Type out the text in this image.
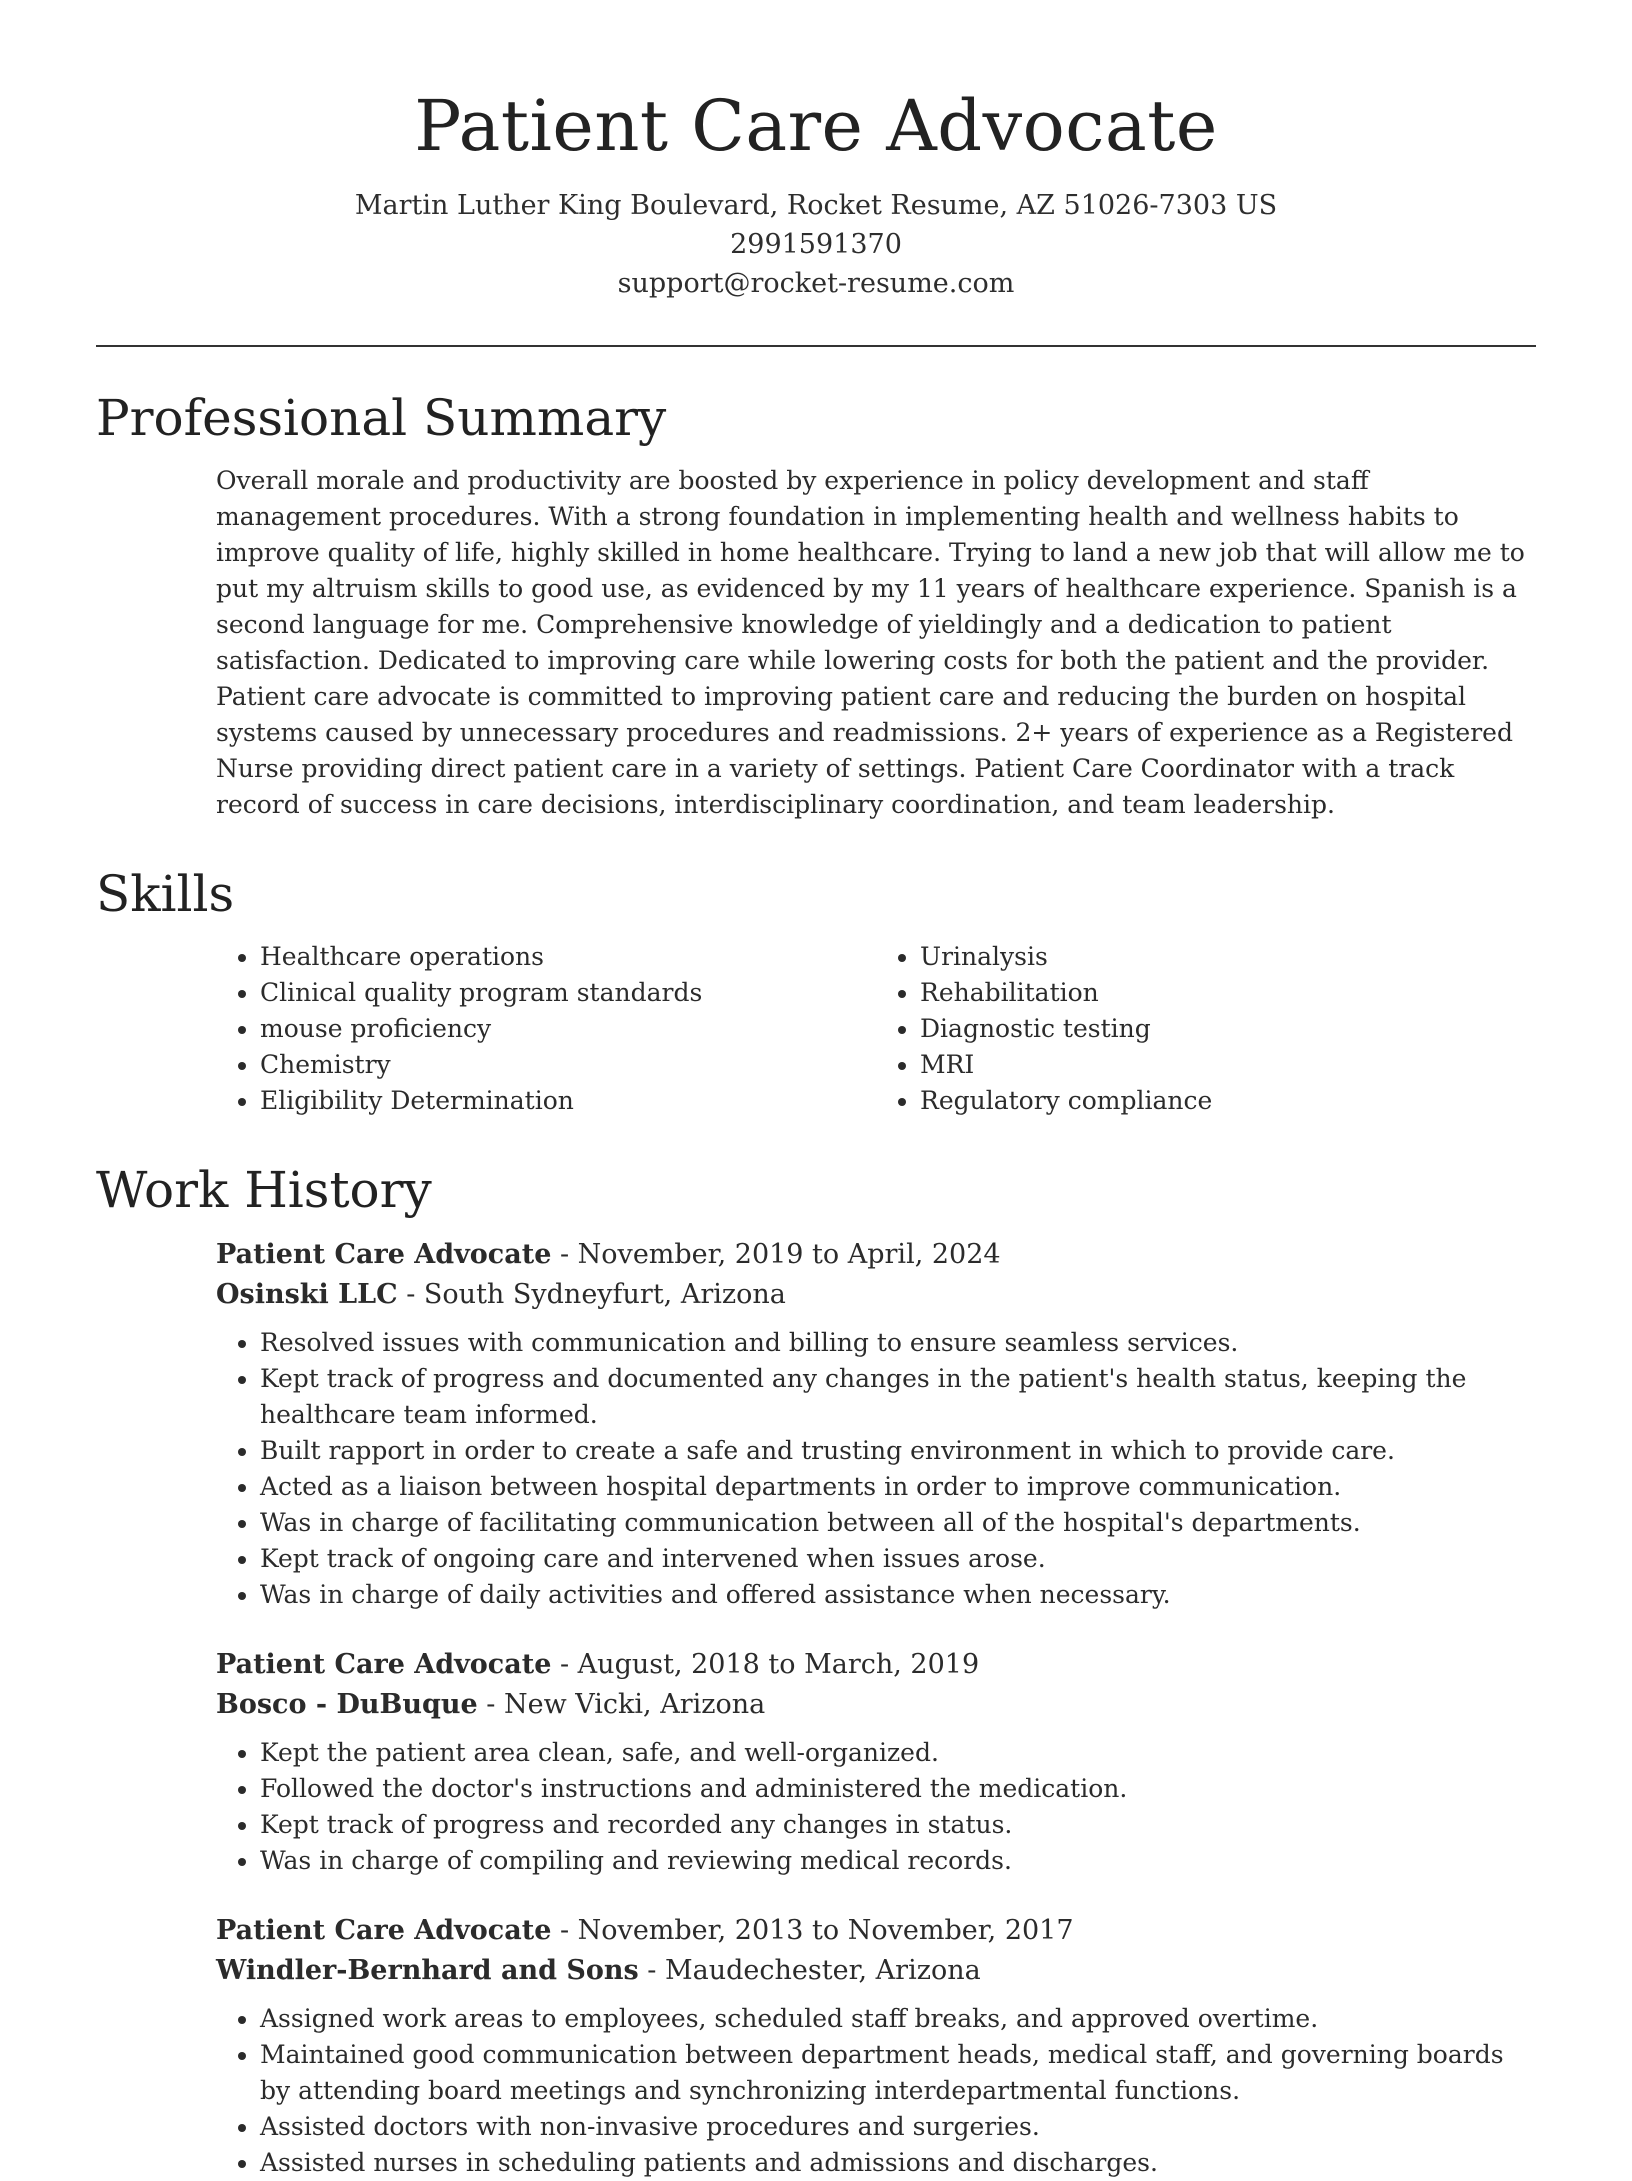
Patient Care Advocate
Martin Luther King Boulevard, Rocket Resume, AZ 51026-7303 US
2991591370
support@rocket-resume.com
Professional Summary

Overall morale and productivity are boosted by experience in policy development and staff management procedures. With a strong foundation in implementing health and wellness habits to improve quality of life, highly skilled in home healthcare. Trying to land a new job that will allow me to put my altruism skills to good use, as evidenced by my 11 years of healthcare experience. Spanish is a second language for me. Comprehensive knowledge of yieldingly and a dedication to patient satisfaction. Dedicated to improving care while lowering costs for both the patient and the provider. Patient care advocate is committed to improving patient care and reducing the burden on hospital systems caused by unnecessary procedures and readmissions. 2+ years of experience as a Registered Nurse providing direct patient care in a variety of settings. Patient Care Coordinator with a track record of success in care decisions, interdisciplinary coordination, and team leadership.

Skills
• Healthcare operations
• Clinical quality program standards
• mouse proficiency
• Chemistry
• Eligibility Determination
• Urinalysis
• Rehabilitation
• Diagnostic testing
• MRI
• Regulatory compliance
Work History
Patient Care Advocate - November, 2019 to April, 2024
Osinski LLC - South Sydneyfurt, Arizona
• Resolved issues with communication and billing to ensure seamless services.
• Kept track of progress and documented any changes in the patient's health status, keeping the healthcare team informed.
• Built rapport in order to create a safe and trusting environment in which to provide care.
• Acted as a liaison between hospital departments in order to improve communication.
• Was in charge of facilitating communication between all of the hospital's departments.
• Kept track of ongoing care and intervened when issues arose.
• Was in charge of daily activities and offered assistance when necessary.
Patient Care Advocate - August, 2018 to March, 2019
Bosco - DuBuque - New Vicki, Arizona
• Kept the patient area clean, safe, and well-organized.
• Followed the doctor's instructions and administered the medication.
• Kept track of progress and recorded any changes in status.
• Was in charge of compiling and reviewing medical records.
Patient Care Advocate - November, 2013 to November, 2017
Windler-Bernhard and Sons - Maudechester, Arizona
• Assigned work areas to employees, scheduled staff breaks, and approved overtime.
• Maintained good communication between department heads, medical staff, and governing boards by attending board meetings and synchronizing interdepartmental functions.
• Assisted doctors with non-invasive procedures and surgeries.
• Assisted nurses in scheduling patients and admissions and discharges.
